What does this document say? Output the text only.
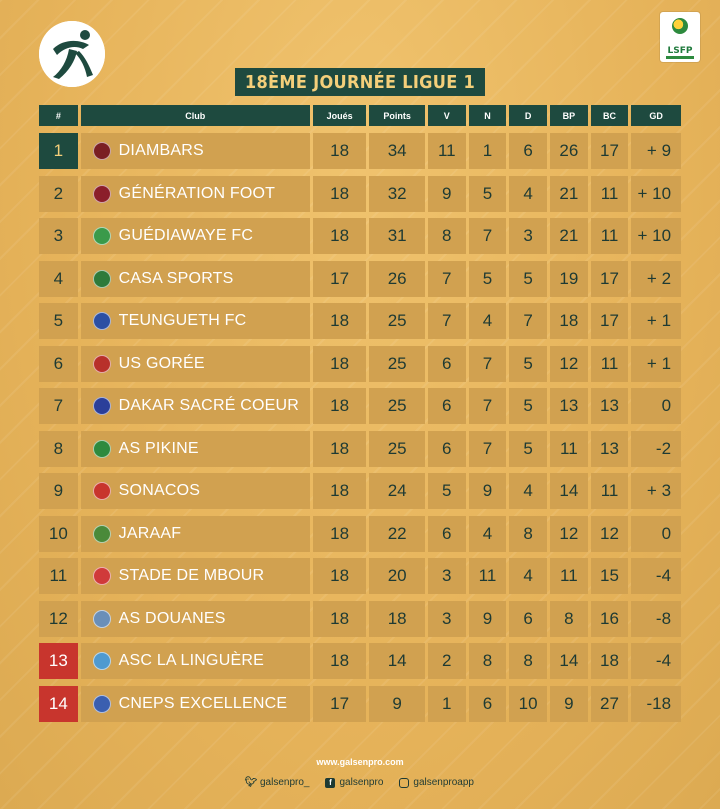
LSFP
18ÈME JOURNÉE LIGUE 1
#	Club	Joués	Points	V	N	D	BP	BC	GD
1	DIAMBARS	18	34	11	1	6	26	17	+ 9
2	GÉNÉRATION FOOT	18	32	9	5	4	21	11	+ 10
3	GUÉDIAWAYE FC	18	31	8	7	3	21	11	+ 10
4	CASA SPORTS	17	26	7	5	5	19	17	+ 2
5	TEUNGUETH FC	18	25	7	4	7	18	17	+ 1
6	US GORÉE	18	25	6	7	5	12	11	+ 1
7	DAKAR SACRÉ COEUR	18	25	6	7	5	13	13	0
8	AS PIKINE	18	25	6	7	5	11	13	-2
9	SONACOS	18	24	5	9	4	14	11	+ 3
10	JARAAF	18	22	6	4	8	12	12	0
11	STADE DE MBOUR	18	20	3	11	4	11	15	-4
12	AS DOUANES	18	18	3	9	6	8	16	-8
13	ASC LA LINGUÈRE	18	14	2	8	8	14	18	-4
14	CNEPS EXCELLENCE	17	9	1	6	10	9	27	-18
www.galsenpro.com
🐦︎ galsenpro_	f galsenpro	galsenproapp
